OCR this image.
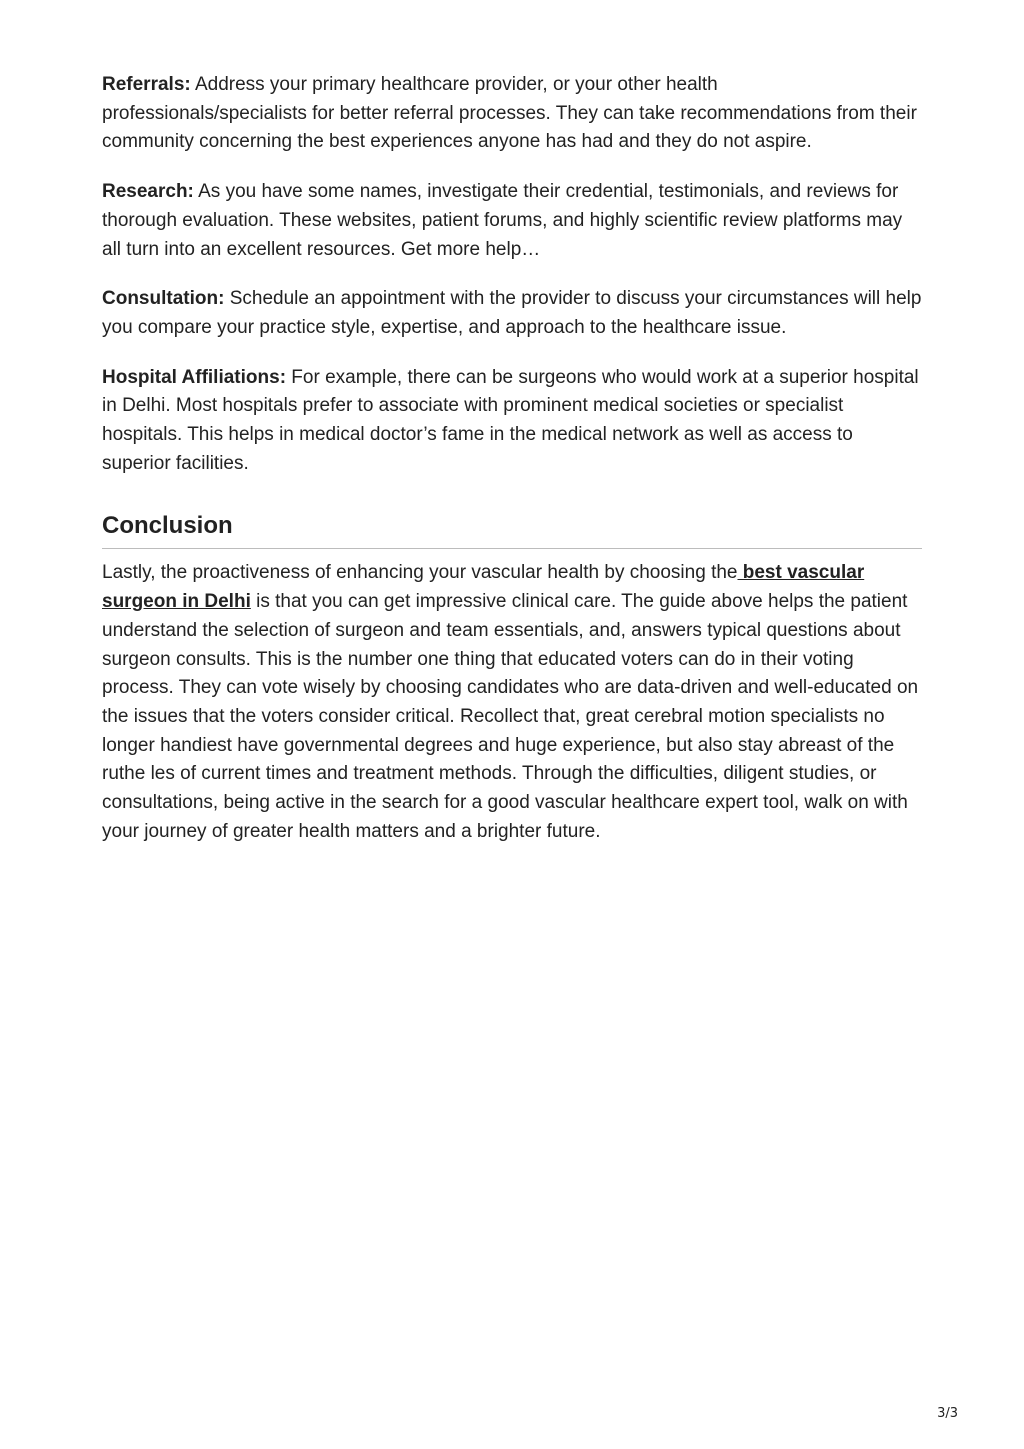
Referrals: Address your primary healthcare provider, or your other health professionals/specialists for better referral processes. They can take recommendations from their community concerning the best experiences anyone has had and they do not aspire.

Research: As you have some names, investigate their credential, testimonials, and reviews for thorough evaluation. These websites, patient forums, and highly scientific review platforms may all turn into an excellent resources. Get more help…

Consultation: Schedule an appointment with the provider to discuss your circumstances will help you compare your practice style, expertise, and approach to the healthcare issue.

Hospital Affiliations: For example, there can be surgeons who would work at a superior hospital in Delhi. Most hospitals prefer to associate with prominent medical societies or specialist hospitals. This helps in medical doctor’s fame in the medical network as well as access to superior facilities.

Conclusion

Lastly, the proactiveness of enhancing your vascular health by choosing the best vascular surgeon in Delhi is that you can get impressive clinical care. The guide above helps the patient understand the selection of surgeon and team essentials, and, answers typical questions about surgeon consults. This is the number one thing that educated voters can do in their voting process. They can vote wisely by choosing candidates who are data-driven and well-educated on the issues that the voters consider critical. Recollect that, great cerebral motion specialists no longer handiest have governmental degrees and huge experience, but also stay abreast of the ruthe les of current times and treatment methods. Through the difficulties, diligent studies, or consultations, being active in the search for a good vascular healthcare expert tool, walk on with your journey of greater health matters and a brighter future.

3/3
